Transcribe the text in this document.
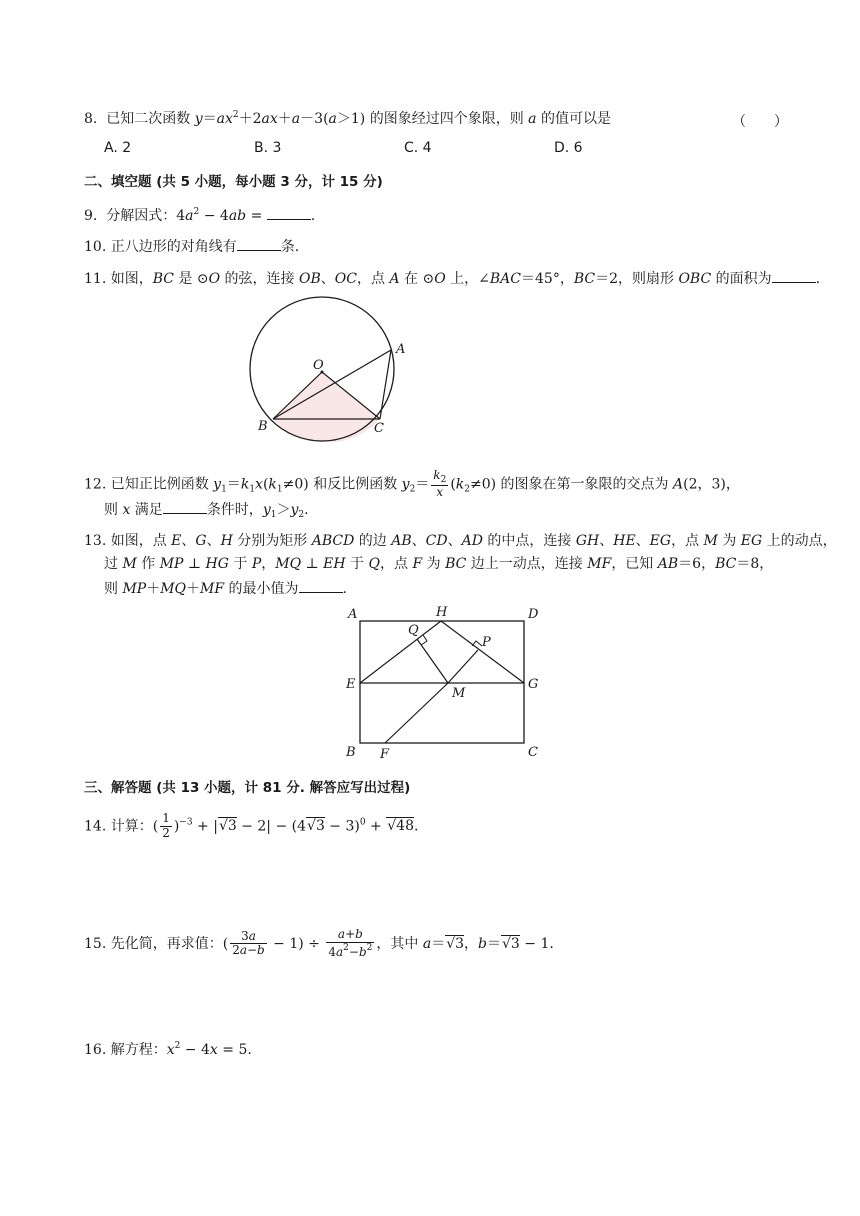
8.  已知二次函数 $y=ax^2+2ax+a-3(a>1)$ 的图象经过四个象限，则 a 的值可以是	（　　）
A. 2	B. 3	C. 4	D. 6
二、填空题 (共 5 小题，每小题 3 分，计 15 分)
9.  分解因式：$4a^2 - 4ab$ =	.
10. 正八边形的对角线有	条.
11. 如图，BC 是 ⊙O 的弦，连接 OB、OC，点 A 在 ⊙O 上，∠BAC＝45°，BC＝2，则扇形 OBC 的面积为	.
O
A
B	C
12. 已知正比例函数 $y_1=k_1x(k_1\ne 0)$ 和反比例函数 $y_2= \frac{k_2}{x} (k_2\ne 0)$ 的图象在第一象限的交点为 A(2，3)，
则 x 满足	条件时，$y_1>y_2$.
13. 如图，点 E、G、H 分别为矩形 ABCD 的边 AB、CD、AD 的中点，连接 GH、HE、EG，点 M 为 EG 上的动点，
过 M 作 MP ⊥ HG 于 P，MQ ⊥ EH 于 Q，点 F 为 BC 边上一动点，连接 MF，已知 AB＝6，BC＝8，
则 MP＋MQ＋MF 的最小值为	.
A	H	D
Q
P
E
M
G
B F	C
三、解答题 (共 13 小题，计 81 分. 解答应写出过程)
14. 计算：( $\frac{1}{2} )^{-3} + |√3 - 2| - (4√3 - 3)^0 + √48$.
15. 先化简，再求值：( $\frac{3a}{2a-b} - 1) \div \frac{a+b}{4a^2-b^2}$ ，其中 a＝√3，b＝√3 − 1.
16. 解方程：$x^2 - 4x = 5$.
